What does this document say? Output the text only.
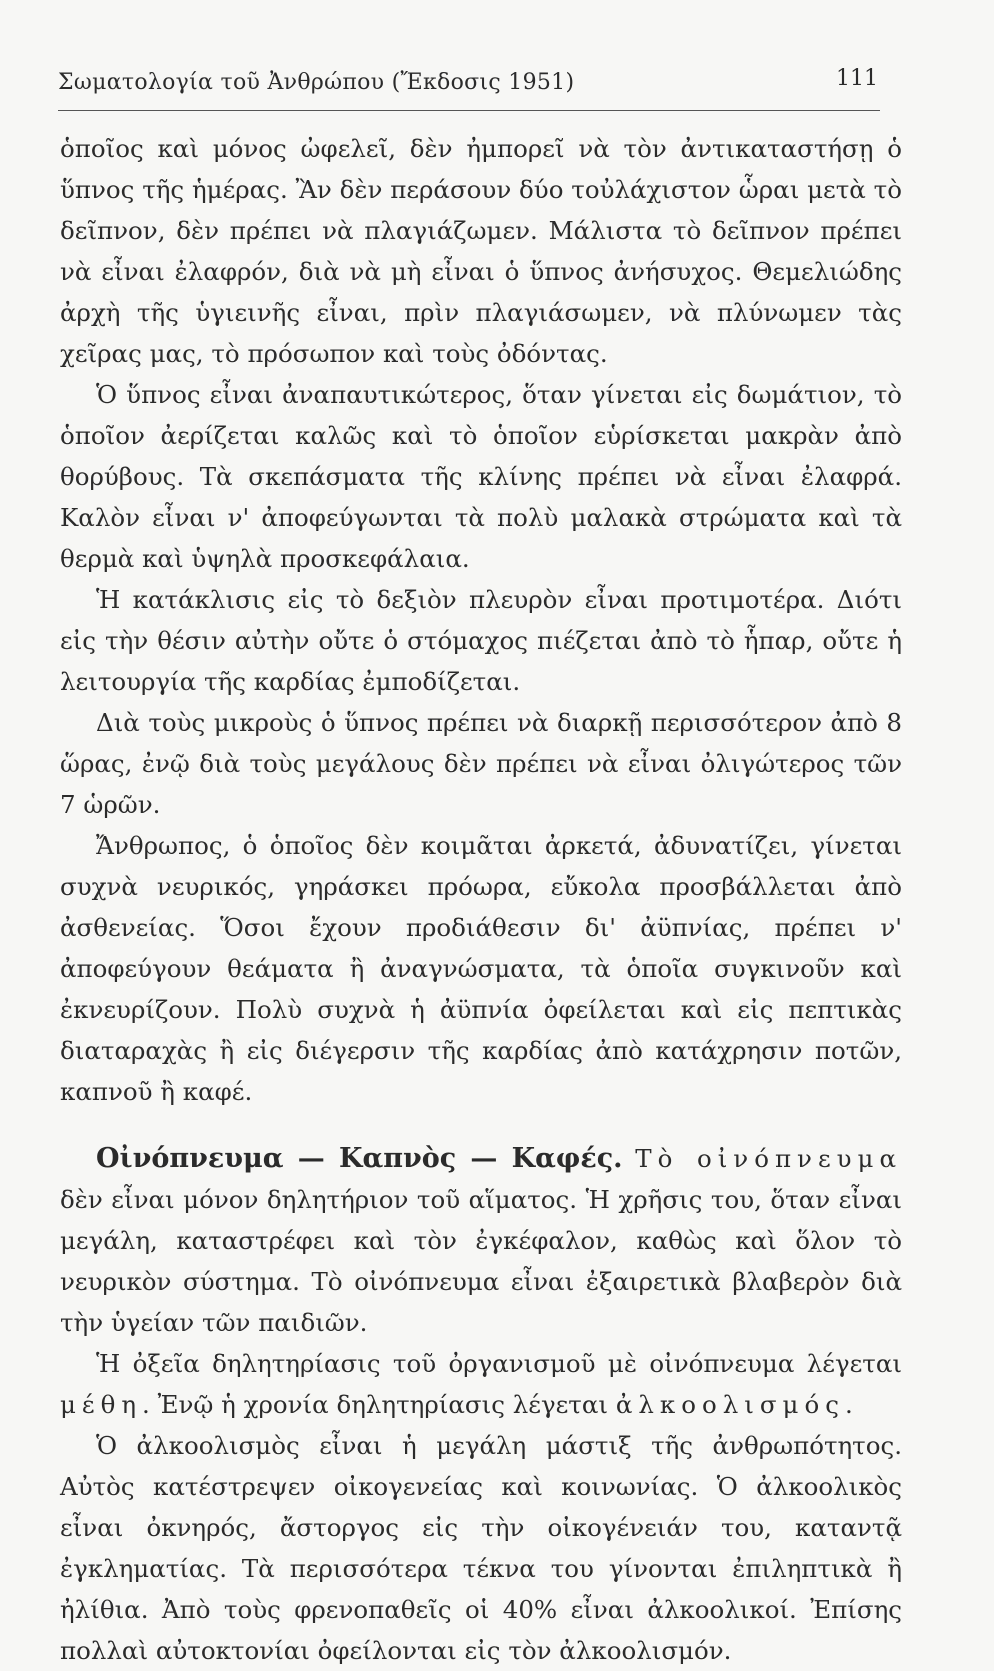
Σωματολογία τοῦ Ἀνθρώπου (Ἔκδοσις 1951)	111

ὁποῖος καὶ μόνος ὠφελεῖ, δὲν ἠμπορεῖ νὰ τὸν ἀντικαταστήσῃ ὁ ὕπνος τῆς ἡμέρας. Ἂν δὲν περάσουν δύο τοὐλάχιστον ὧραι μετὰ τὸ δεῖπνον, δὲν πρέπει νὰ πλαγιάζωμεν. Μάλιστα τὸ δεῖπνον πρέπει νὰ εἶναι ἐλαφρόν, διὰ νὰ μὴ εἶναι ὁ ὕπνος ἀνήσυχος. Θεμελιώδης ἀρχὴ τῆς ὑγιεινῆς εἶναι, πρὶν πλαγιάσωμεν, νὰ πλύνωμεν τὰς χεῖρας μας, τὸ πρόσωπον καὶ τοὺς ὀδόντας.

Ὁ ὕπνος εἶναι ἀναπαυτικώτερος, ὅταν γίνεται εἰς δωμάτιον, τὸ ὁποῖον ἀερίζεται καλῶς καὶ τὸ ὁποῖον εὑρίσκεται μακρὰν ἀπὸ θορύβους. Τὰ σκεπάσματα τῆς κλίνης πρέπει νὰ εἶναι ἐλαφρά. Καλὸν εἶναι ν' ἀποφεύγωνται τὰ πολὺ μαλακὰ στρώματα καὶ τὰ θερμὰ καὶ ὑψηλὰ προσκεφάλαια.

Ἡ κατάκλισις εἰς τὸ δεξιὸν πλευρὸν εἶναι προτιμοτέρα. Διότι εἰς τὴν θέσιν αὐτὴν οὔτε ὁ στόμαχος πιέζεται ἀπὸ τὸ ἧπαρ, οὔτε ἡ λειτουργία τῆς καρδίας ἐμποδίζεται.

Διὰ τοὺς μικροὺς ὁ ὕπνος πρέπει νὰ διαρκῇ περισσότερον ἀπὸ 8 ὥρας, ἐνῷ διὰ τοὺς μεγάλους δὲν πρέπει νὰ εἶναι ὀλιγώτερος τῶν 7 ὡρῶν.

Ἄνθρωπος, ὁ ὁποῖος δὲν κοιμᾶται ἀρκετά, ἀδυνατίζει, γίνεται συχνὰ νευρικός, γηράσκει πρόωρα, εὔκολα προσβάλλεται ἀπὸ ἀσθενείας. Ὅσοι ἔχουν προδιάθεσιν δι' ἀϋπνίας, πρέπει ν' ἀποφεύγουν θεάματα ἢ ἀναγνώσματα, τὰ ὁποῖα συγκινοῦν καὶ ἐκνευρίζουν. Πολὺ συχνὰ ἡ ἀϋπνία ὀφείλεται καὶ εἰς πεπτικὰς διαταραχὰς ἢ εἰς διέγερσιν τῆς καρδίας ἀπὸ κατάχρησιν ποτῶν, καπνοῦ ἢ καφέ.

Οἰνόπνευμα — Καπνὸς — Καφές. Τὸ οἰνόπνευμα δὲν εἶναι μόνον δηλητήριον τοῦ αἵματος. Ἡ χρῆσις του, ὅταν εἶναι μεγάλη, καταστρέφει καὶ τὸν ἐγκέφαλον, καθὼς καὶ ὅλον τὸ νευρικὸν σύστημα. Τὸ οἰνόπνευμα εἶναι ἐξαιρετικὰ βλαβερὸν διὰ τὴν ὑγείαν τῶν παιδιῶν.

Ἡ ὀξεῖα δηλητηρίασις τοῦ ὀργανισμοῦ μὲ οἰνόπνευμα λέγεται μέθη. Ἐνῷ ἡ χρονία δηλητηρίασις λέγεται ἀλκοολισμός.

Ὁ ἀλκοολισμὸς εἶναι ἡ μεγάλη μάστιξ τῆς ἀνθρωπότητος. Αὐτὸς κατέστρεψεν οἰκογενείας καὶ κοινωνίας. Ὁ ἀλκοολικὸς εἶναι ὀκνηρός, ἄστοργος εἰς τὴν οἰκογένειάν του, καταντᾷ ἐγκληματίας. Τὰ περισσότερα τέκνα του γίνονται ἐπιληπτικὰ ἢ ἠλίθια. Ἀπὸ τοὺς φρενοπαθεῖς οἱ 40% εἶναι ἀλκοολικοί. Ἐπίσης πολλαὶ αὐτοκτονίαι ὀφείλονται εἰς τὸν ἀλκοολισμόν.
